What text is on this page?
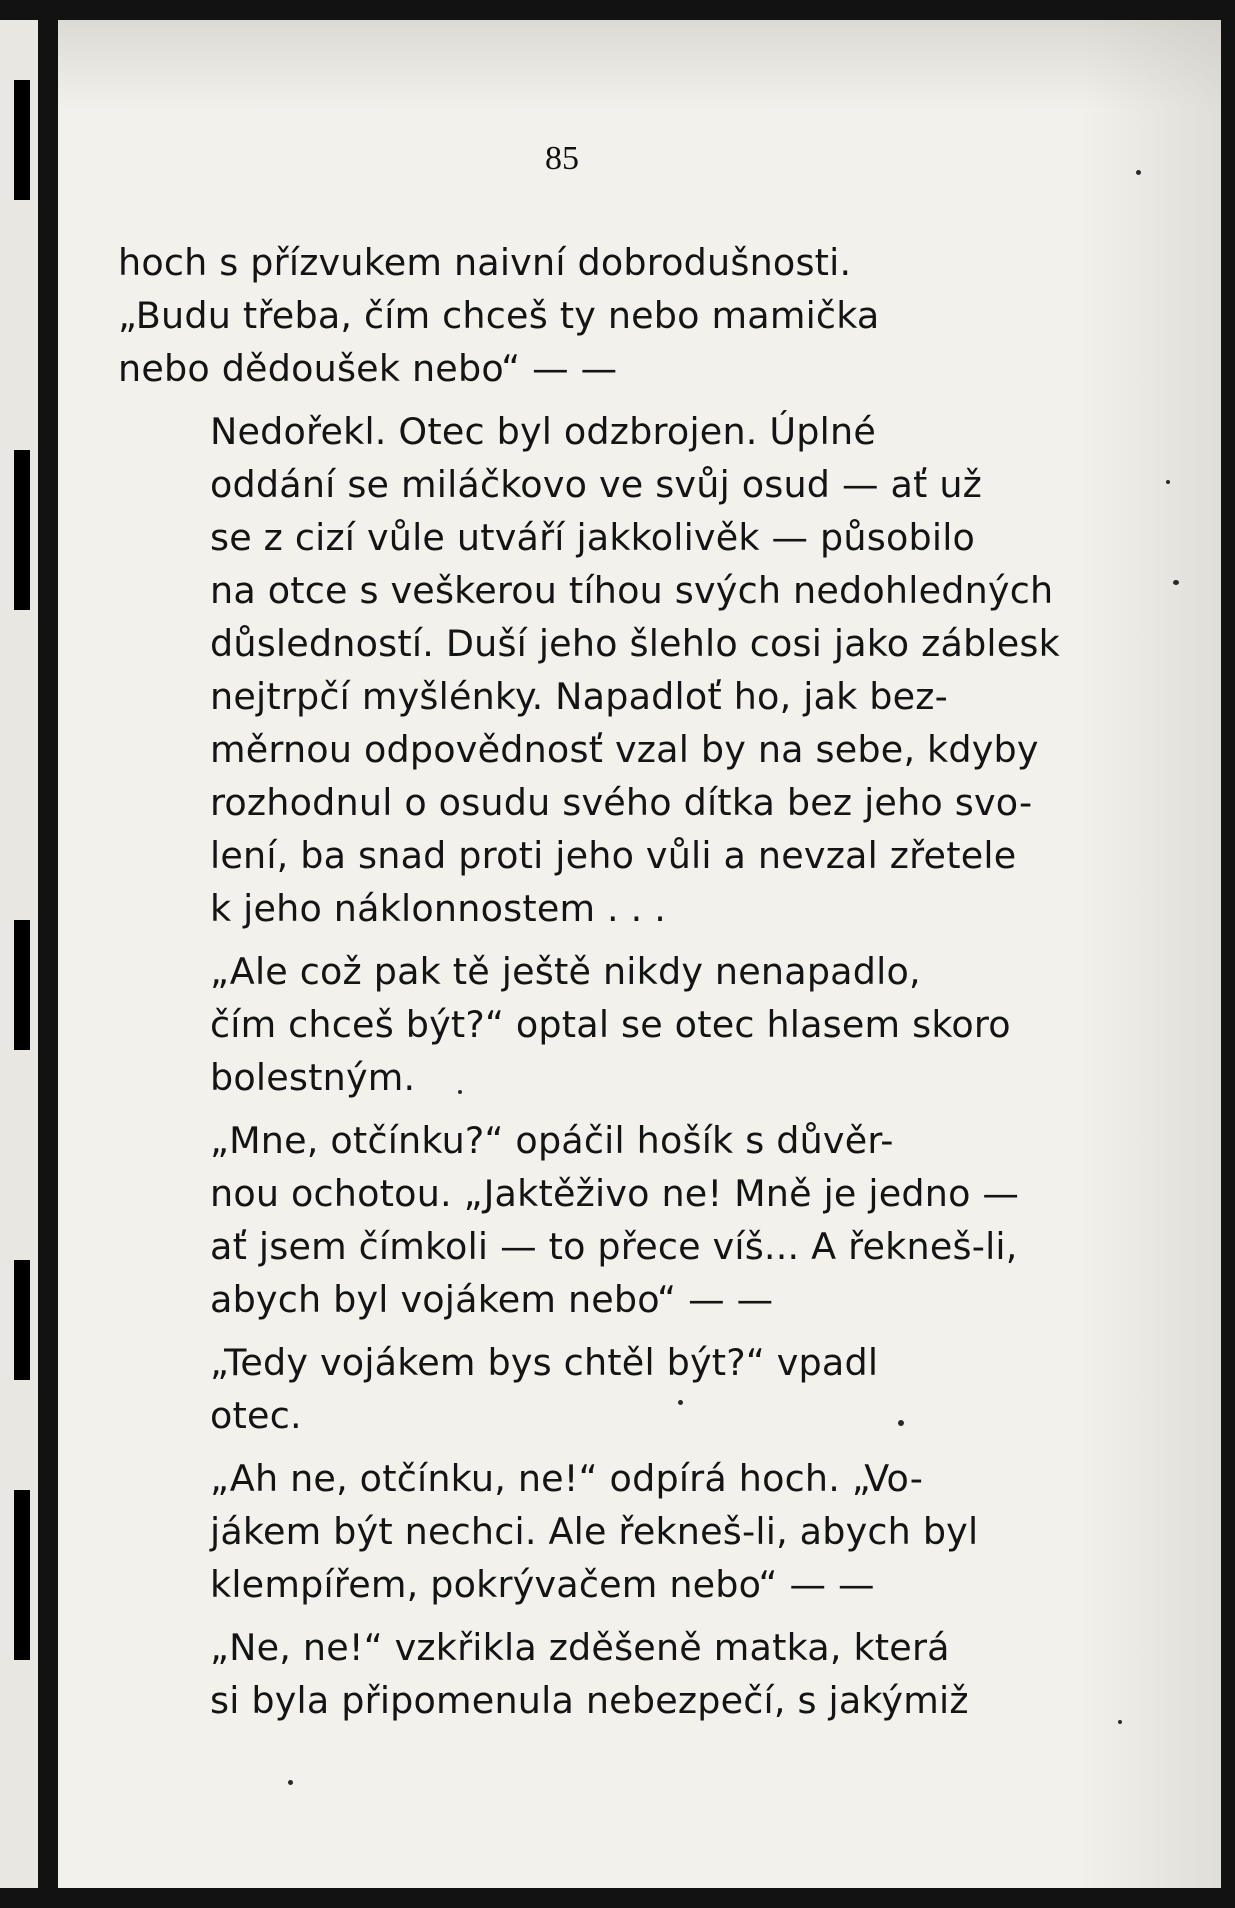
85

hoch s přízvukem naivní dobrodušnosti.
„Budu třeba, čím chceš ty nebo mamička
nebo dědoušek nebo“ — —

Nedořekl. Otec byl odzbrojen. Úplné
oddání se miláčkovo ve svůj osud — ať už
se z cizí vůle utváří jakkolivěk — působilo
na otce s veškerou tíhou svých nedohledných
důsledností. Duší jeho šlehlo cosi jako záblesk
nejtrpčí myšlénky. Napadloť ho, jak bez-
měrnou odpovědnosť vzal by na sebe, kdyby
rozhodnul o osudu svého dítka bez jeho svo-
lení, ba snad proti jeho vůli a nevzal zřetele
k jeho náklonnostem . . .

„Ale což pak tě ještě nikdy nenapadlo,
čím chceš být?“ optal se otec hlasem skoro
bolestným.

„Mne, otčínku?“ opáčil hošík s důvěr-
nou ochotou. „Jaktěživo ne! Mně je jedno —
ať jsem čímkoli — to přece víš... A řekneš-li,
abych byl vojákem nebo“ — —

„Tedy vojákem bys chtěl být?“ vpadl
otec.

„Ah ne, otčínku, ne!“ odpírá hoch. „Vo-
jákem být nechci. Ale řekneš-li, abych byl
klempířem, pokrývačem nebo“ — —

„Ne, ne!“ vzkřikla zděšeně matka, která
si byla připomenula nebezpečí, s jakýmiž
